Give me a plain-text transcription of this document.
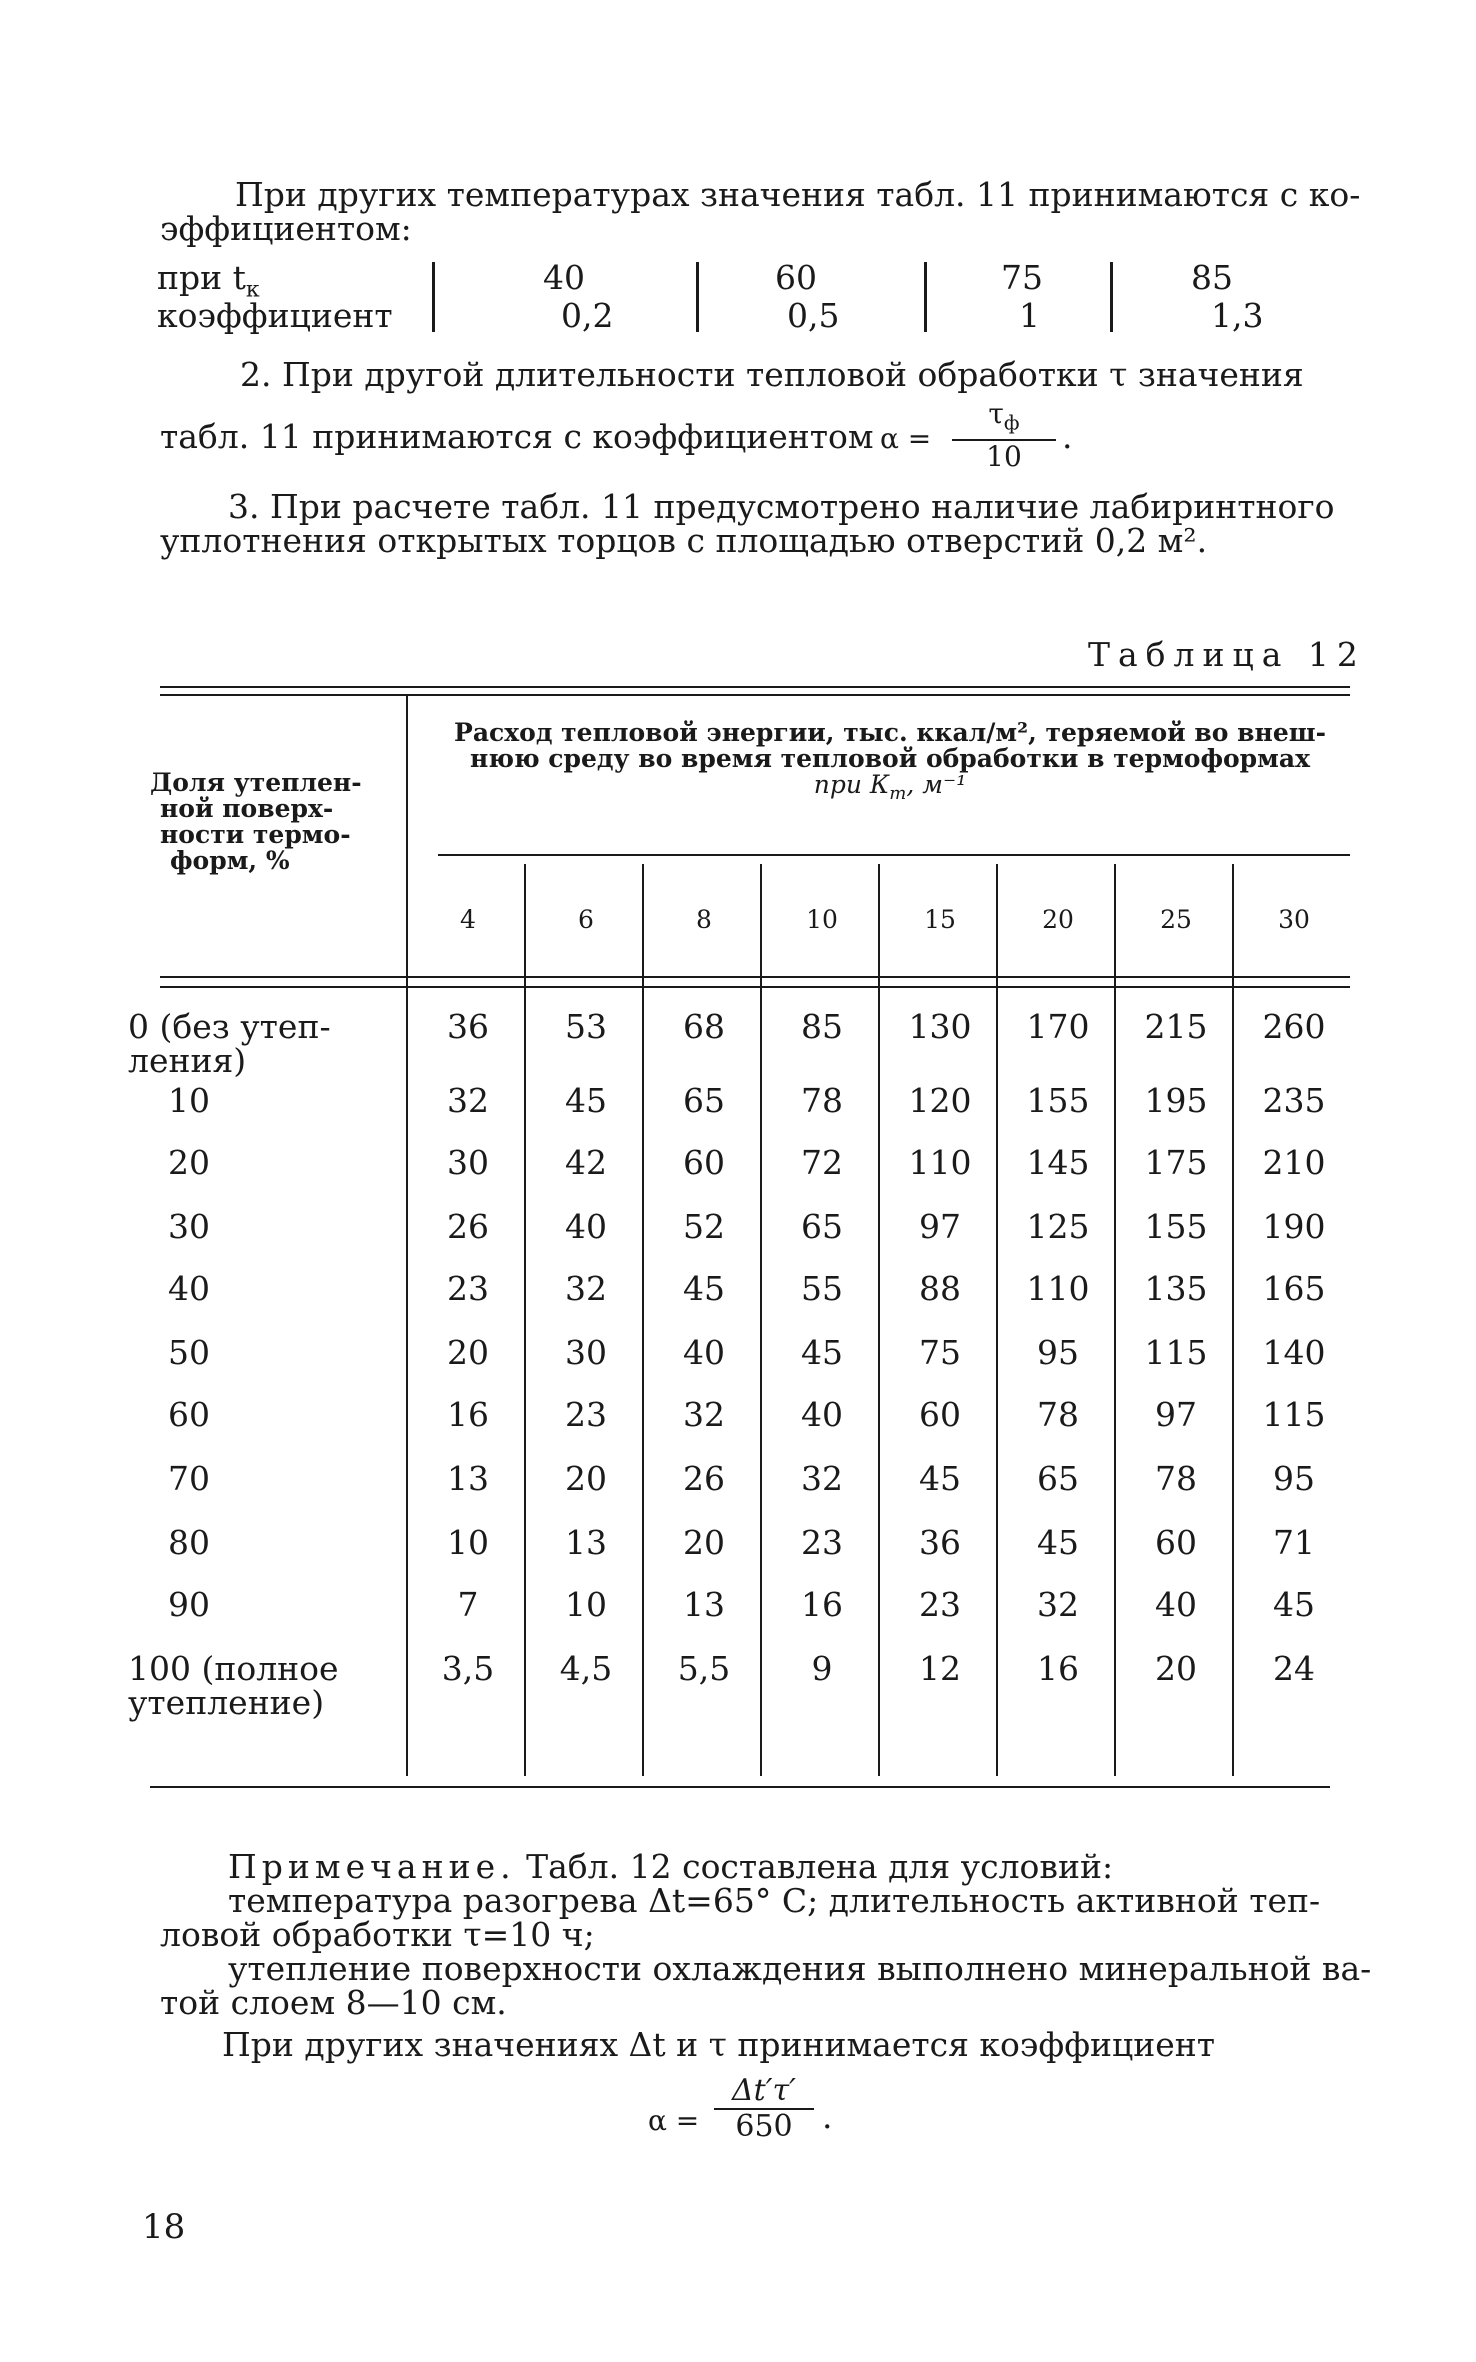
При других температурах значения табл. 11 принимаются с ко-
эффициентом:
при $t_к$	40	60	75	85
коэффициент	0,2	0,5	1	1,3
2. При другой длительности тепловой обработки τ значения
табл. 11 принимаются с коэффициентом α =
$\tau_ф$
10
.
3. При расчете табл. 11 предусмотрено наличие лабиринтного
уплотнения открытых торцов с площадью отверстий 0,2 м².
Таблица 12
Доля утеплен-
ной поверх-
ности термо-
форм, %
Расход тепловой энергии, тыс. ккал/м², теряемой во внеш-
нюю среду во время тепловой обработки в термоформах
при $К_т$, м⁻¹
4	6	8	10	15	20	25	30
0 (без утеп-
ления)
36	53	68	85	130	170	215	260
10	32	45	65	78	120	155	195	235
20	30	42	60	72	110	145	175	210
30	26	40	52	65	97	125	155	190
40	23	32	45	55	88	110	135	165
50	20	30	40	45	75	95	115	140
60	16	23	32	40	60	78	97	115
70	13	20	26	32	45	65	78	95
80	10	13	20	23	36	45	60	71
90	7	10	13	16	23	32	40	45
100 (полное
утепление)
3,5	4,5	5,5	9	12	16	20	24
Примечание. Табл. 12 составлена для условий:
температура разогрева Δt=65° С; длительность активной теп-
ловой обработки τ=10 ч;
утепление поверхности охлаждения выполнено минеральной ва-
той слоем 8—10 см.
При других значениях Δt и τ принимается коэффициент
$\alpha = \frac{\Delta t'\tau'}{650}$ .
18
